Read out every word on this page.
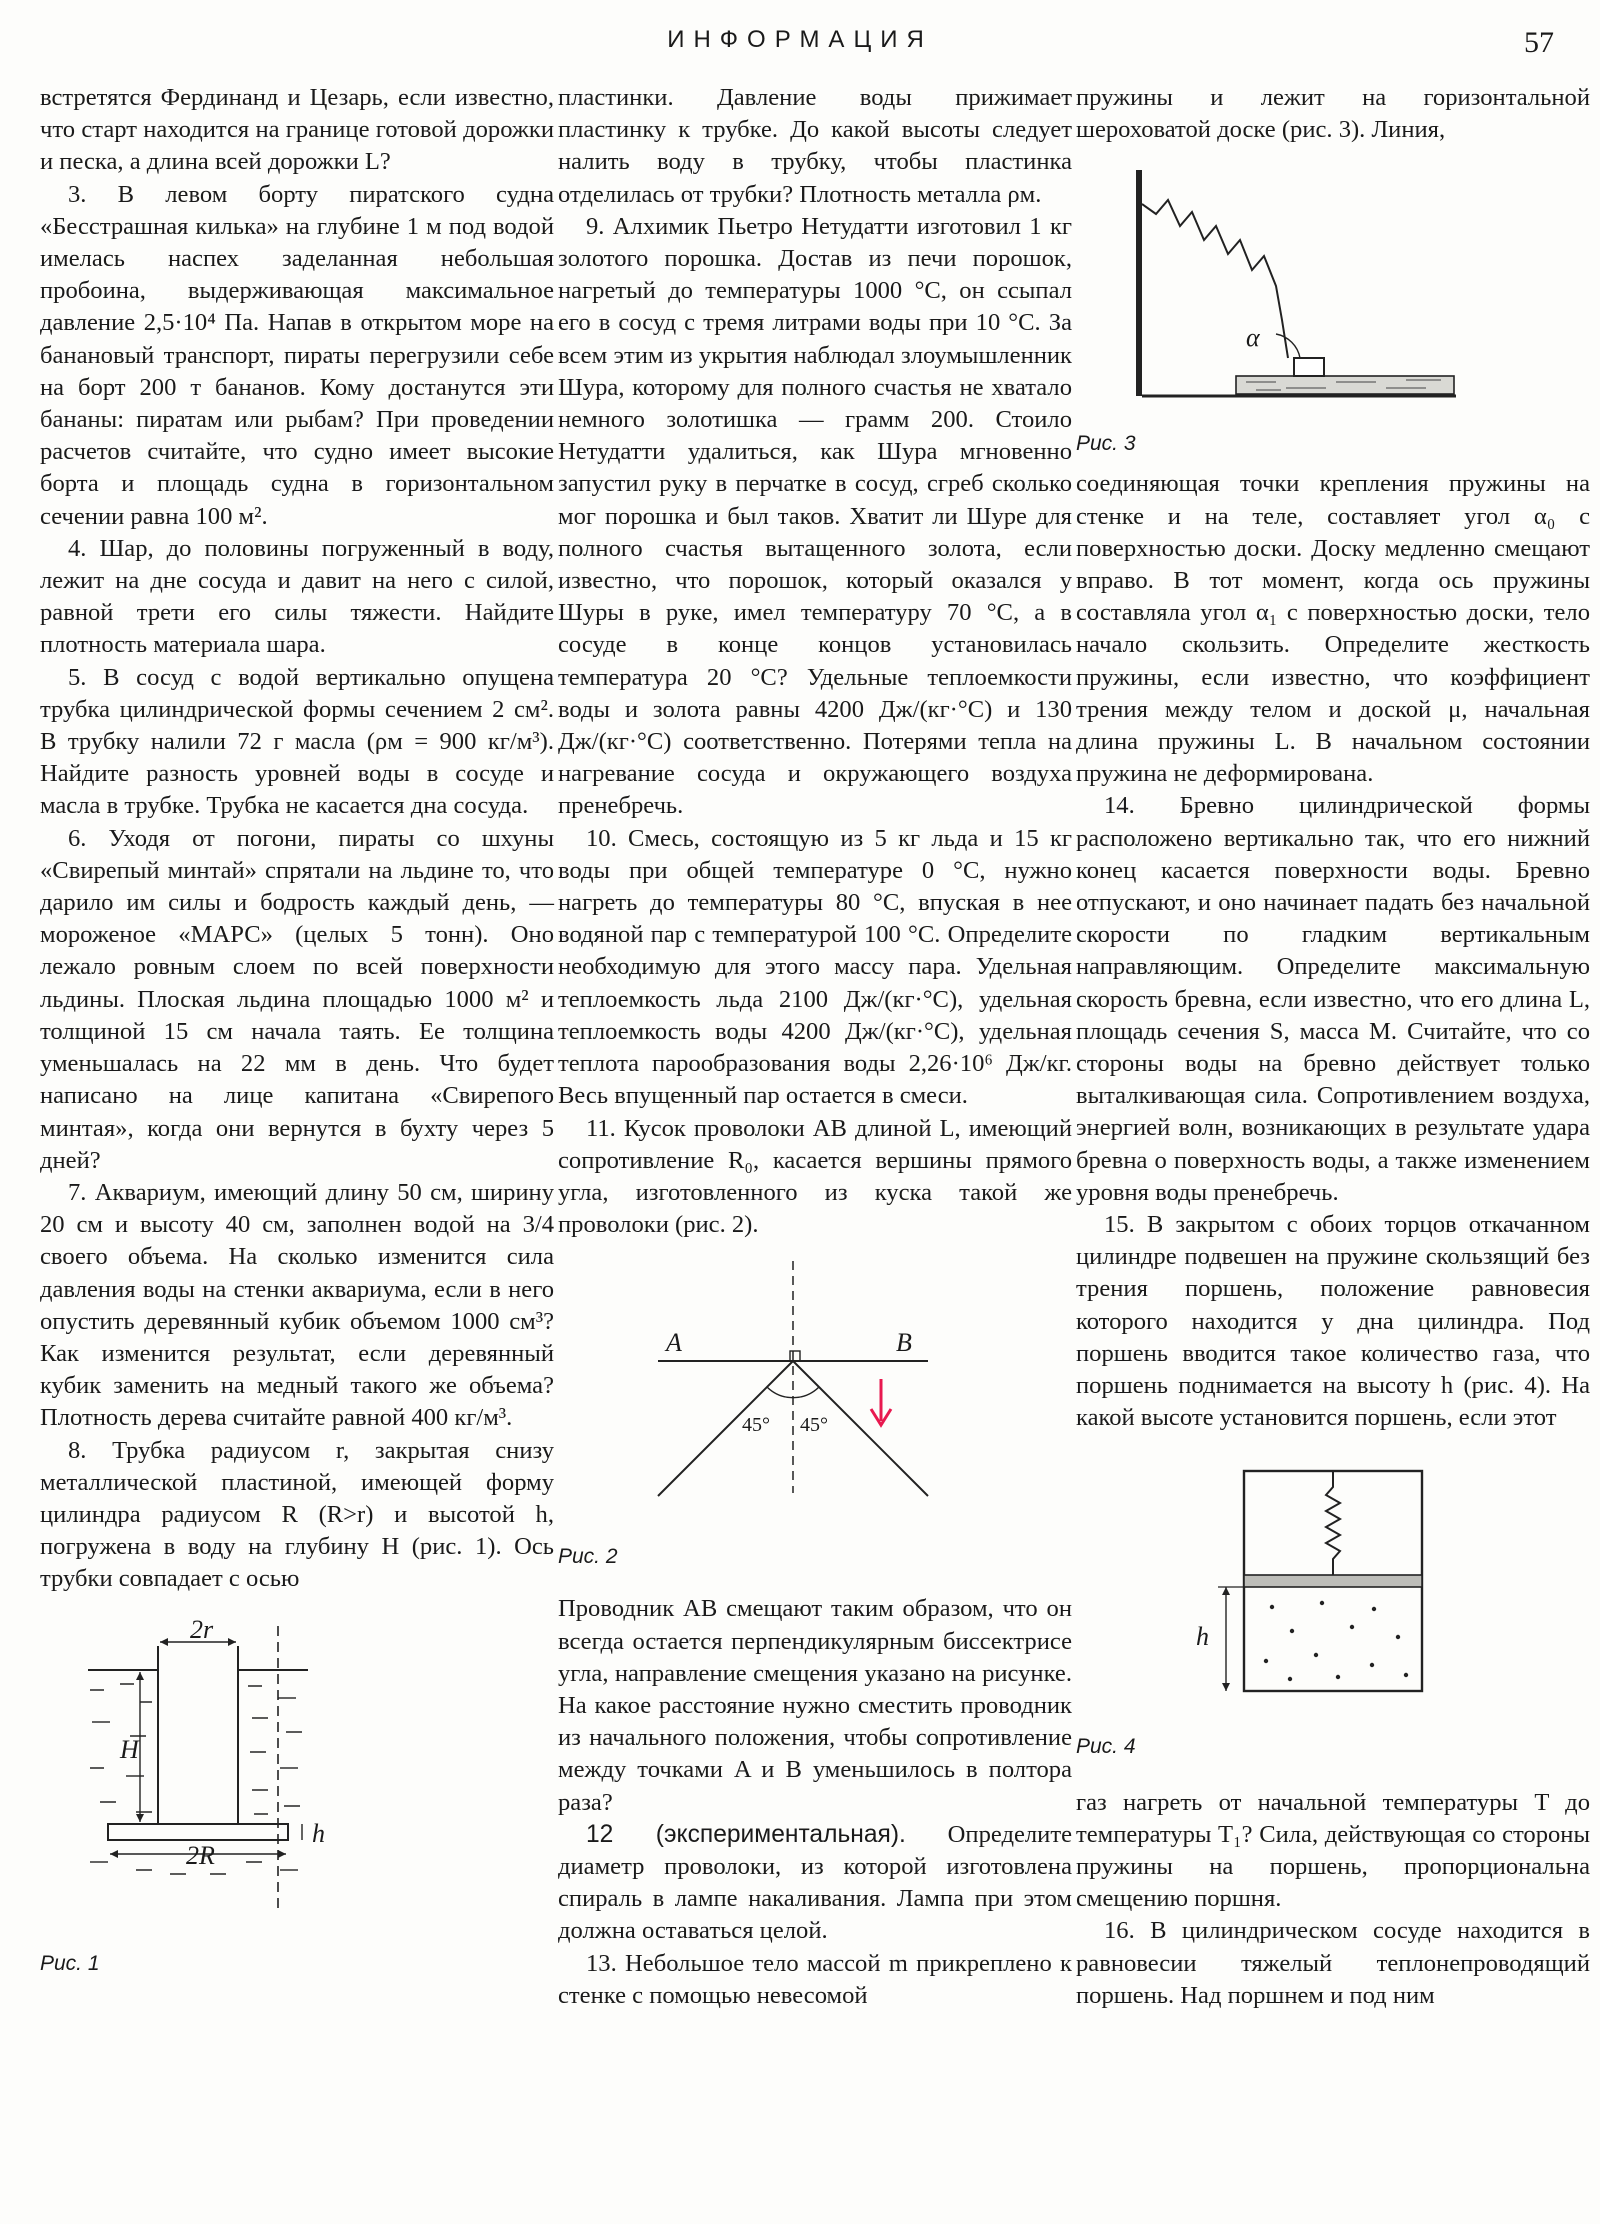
ИНФОРМАЦИЯ	57

встретятся Фердинанд и Цезарь, если известно, что старт находится на границе готовой дорожки и песка, а длина всей дорожки L?

3. В левом борту пиратского судна «Бесстрашная килька» на глубине 1 м под водой имелась наспех заделанная небольшая пробоина, выдерживающая максимальное давление 2,5·10⁴ Па. Напав в открытом море на банановый транспорт, пираты перегрузили себе на борт 200 т бананов. Кому достанутся эти бананы: пиратам или рыбам? При проведении расчетов считайте, что судно имеет высокие борта и площадь судна в горизонтальном сечении равна 100 м².

4. Шар, до половины погруженный в воду, лежит на дне сосуда и давит на него с силой, равной трети его силы тяжести. Найдите плотность материала шара.

5. В сосуд с водой вертикально опущена трубка цилиндрической формы сечением 2 см². В трубку налили 72 г масла (ρм = 900 кг/м³). Найдите разность уровней воды в сосуде и масла в трубке. Трубка не касается дна сосуда.

6. Уходя от погони, пираты со шхуны «Свирепый минтай» спрятали на льдине то, что дарило им силы и бодрость каждый день, — мороженое «МАРС» (целых 5 тонн). Оно лежало ровным слоем по всей поверхности льдины. Плоская льдина площадью 1000 м² и толщиной 15 см начала таять. Ее толщина уменьшалась на 22 мм в день. Что будет написано на лице капитана «Свирепого минтая», когда они вернутся в бухту через 5 дней?

7. Аквариум, имеющий длину 50 см, ширину 20 см и высоту 40 см, заполнен водой на 3/4 своего объема. На сколько изменится сила давления воды на стенки аквариума, если в него опустить деревянный кубик объемом 1000 см³? Как изменится результат, если деревянный кубик заменить на медный такого же объема? Плотность дерева считайте равной 400 кг/м³.

8. Трубка радиусом r, закрытая снизу металлической пластиной, имеющей форму цилиндра радиусом R (R>r) и высотой h, погружена в воду на глубину H (рис. 1). Ось трубки совпадает с осью

2r
H
h
2R
Рис. 1

пластинки. Давление воды прижимает пластинку к трубке. До какой высоты следует налить воду в трубку, чтобы пластинка отделилась от трубки? Плотность металла ρм.

9. Алхимик Пьетро Нетудатти изготовил 1 кг золотого порошка. Достав из печи порошок, нагретый до температуры 1000 °С, он ссыпал его в сосуд с тремя литрами воды при 10 °С. За всем этим из укрытия наблюдал злоумышленник Шура, которому для полного счастья не хватало немного золотишка — грамм 200. Стоило Нетудатти удалиться, как Шура мгновенно запустил руку в перчатке в сосуд, сгреб сколько мог порошка и был таков. Хватит ли Шуре для полного счастья вытащенного золота, если известно, что порошок, который оказался у Шуры в руке, имел температуру 70 °С, а в сосуде в конце концов установилась температура 20 °С? Удельные теплоемкости воды и золота равны 4200 Дж/(кг·°С) и 130 Дж/(кг·°С) соответственно. Потерями тепла на нагревание сосуда и окружающего воздуха пренебречь.

10. Смесь, состоящую из 5 кг льда и 15 кг воды при общей температуре 0 °С, нужно нагреть до температуры 80 °С, впуская в нее водяной пар с температурой 100 °С. Определите необходимую для этого массу пара. Удельная теплоемкость льда 2100 Дж/(кг·°С), удельная теплоемкость воды 4200 Дж/(кг·°С), удельная теплота парообразования воды 2,26·10⁶ Дж/кг. Весь впущенный пар остается в смеси.

11. Кусок проволоки AB длиной L, имеющий сопротивление R₀, касается вершины прямого угла, изготовленного из куска такой же проволоки (рис. 2).

A	B
45° 45°
Рис. 2

Проводник AB смещают таким образом, что он всегда остается перпендикулярным биссектрисе угла, направление смещения указано на рисунке. На какое расстояние нужно сместить проводник из начального положения, чтобы сопротивление между точками A и B уменьшилось в полтора раза?

12 (экспериментальная). Определите диаметр проволоки, из которой изготовлена спираль в лампе накаливания. Лампа при этом должна оставаться целой.

13. Небольшое тело массой m прикреплено к стенке с помощью невесомой

пружины и лежит на горизонтальной шероховатой доске (рис. 3). Линия,

α
Рис. 3

соединяющая точки крепления пружины на стенке и на теле, составляет угол α₀ с поверхностью доски. Доску медленно смещают вправо. В тот момент, когда ось пружины составляла угол α₁ с поверхностью доски, тело начало скользить. Определите жесткость пружины, если известно, что коэффициент трения между телом и доской μ, начальная длина пружины L. В начальном состоянии пружина не деформирована.

14. Бревно цилиндрической формы расположено вертикально так, что его нижний конец касается поверхности воды. Бревно отпускают, и оно начинает падать без начальной скорости по гладким вертикальным направляющим. Определите максимальную скорость бревна, если известно, что его длина L, площадь сечения S, масса M. Считайте, что со стороны воды на бревно действует только выталкивающая сила. Сопротивлением воздуха, энергией волн, возникающих в результате удара бревна о поверхность воды, а также изменением уровня воды пренебречь.

15. В закрытом с обоих торцов откачанном цилиндре подвешен на пружине скользящий без трения поршень, положение равновесия которого находится у дна цилиндра. Под поршень вводится такое количество газа, что поршень поднимается на высоту h (рис. 4). На какой высоте установится поршень, если этот

h
Рис. 4

газ нагреть от начальной температуры T до температуры T₁? Сила, действующая со стороны пружины на поршень, пропорциональна смещению поршня.

16. В цилиндрическом сосуде находится в равновесии тяжелый теплонепроводящий поршень. Над поршнем и под ним
